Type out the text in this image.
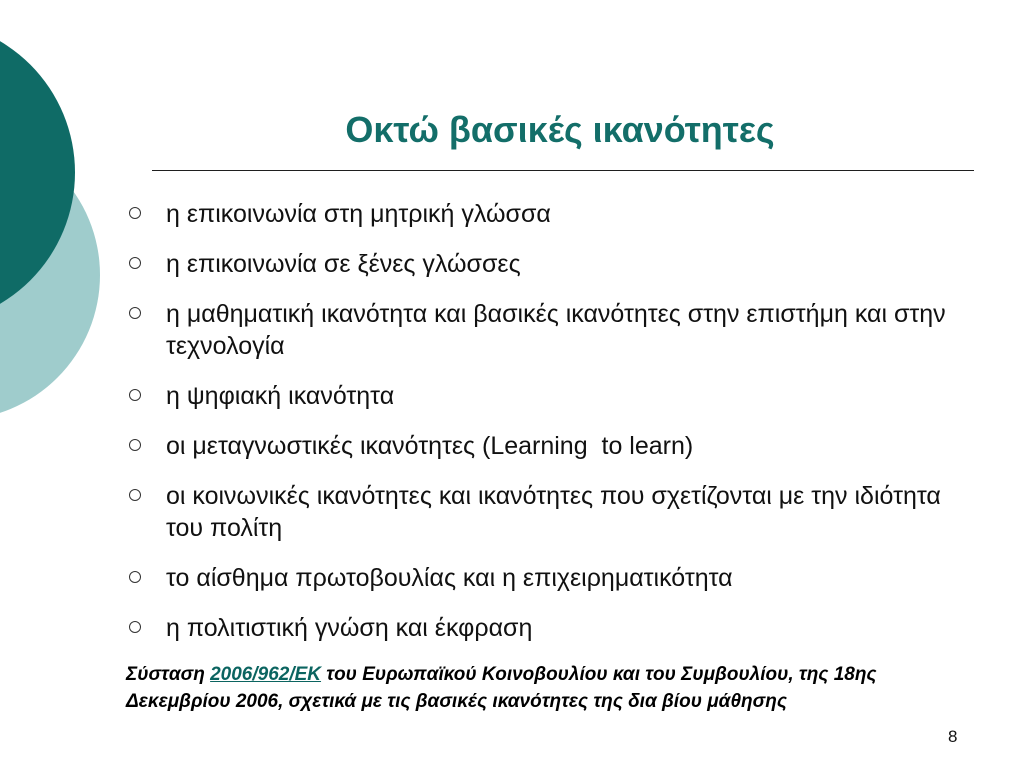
Οκτώ βασικές ικανότητες
η επικοινωνία στη μητρική γλώσσα
η επικοινωνία σε ξένες γλώσσες
η μαθηματική ικανότητα και βασικές ικανότητες στην επιστήμη και στην τεχνολογία
η ψηφιακή ικανότητα
οι μεταγνωστικές ικανότητες (Learning  to learn)
οι κοινωνικές ικανότητες και ικανότητες που σχετίζονται με την ιδιότητα του πολίτη
το αίσθημα πρωτοβουλίας και η επιχειρηματικότητα
η πολιτιστική γνώση και έκφραση
Σύσταση 2006/962/ΕΚ του Ευρωπαϊκού Κοινοβουλίου και του Συμβουλίου, της 18ης Δεκεμβρίου 2006, σχετικά με τις βασικές ικανότητες της δια βίου μάθησης
8
